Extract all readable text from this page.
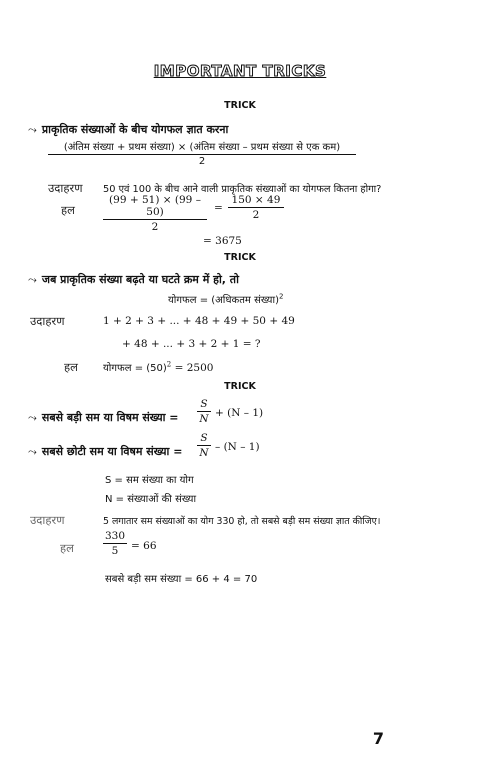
IMPORTANT TRICKS
TRICK
⤳ प्राकृतिक संख्याओं के बीच योगफल ज्ञात करना
(अंतिम संख्या + प्रथम संख्या) × (अंतिम संख्या – प्रथम संख्या से एक कम)
2
उदाहरण 50 एवं 100 के बीच आने वाली प्राकृतिक संख्याओं का योगफल कितना होगा?
हल	$\frac{(99 + 51) \times (99 - 50)}{2} = \frac{150 \times 49}{2}$
= 3675
TRICK
⤳ जब प्राकृतिक संख्या बढ़ते या घटते क्रम में हो, तो
योगफल = (अधिकतम संख्या)$^2$
उदाहरण	1 + 2 + 3 + ... + 48 + 49 + 50 + 49
+ 48 + ... + 3 + 2 + 1 = ?
हल	योगफल = $(50)^2 = 2500$
TRICK
⤳ सबसे बड़ी सम या विषम संख्या = $\frac{S}{N} + (N - 1)$
⤳ सबसे छोटी सम या विषम संख्या = $\frac{S}{N} - (N - 1)$
S = सम संख्या का योग
N = संख्याओं की संख्या
उदाहरण	5 लगातार सम संख्याओं का योग 330 हो, तो सबसे बड़ी सम संख्या ज्ञात कीजिए।
हल	$\frac{330}{5} = 66$
सबसे बड़ी सम संख्या = 66 + 4 = 70
7
